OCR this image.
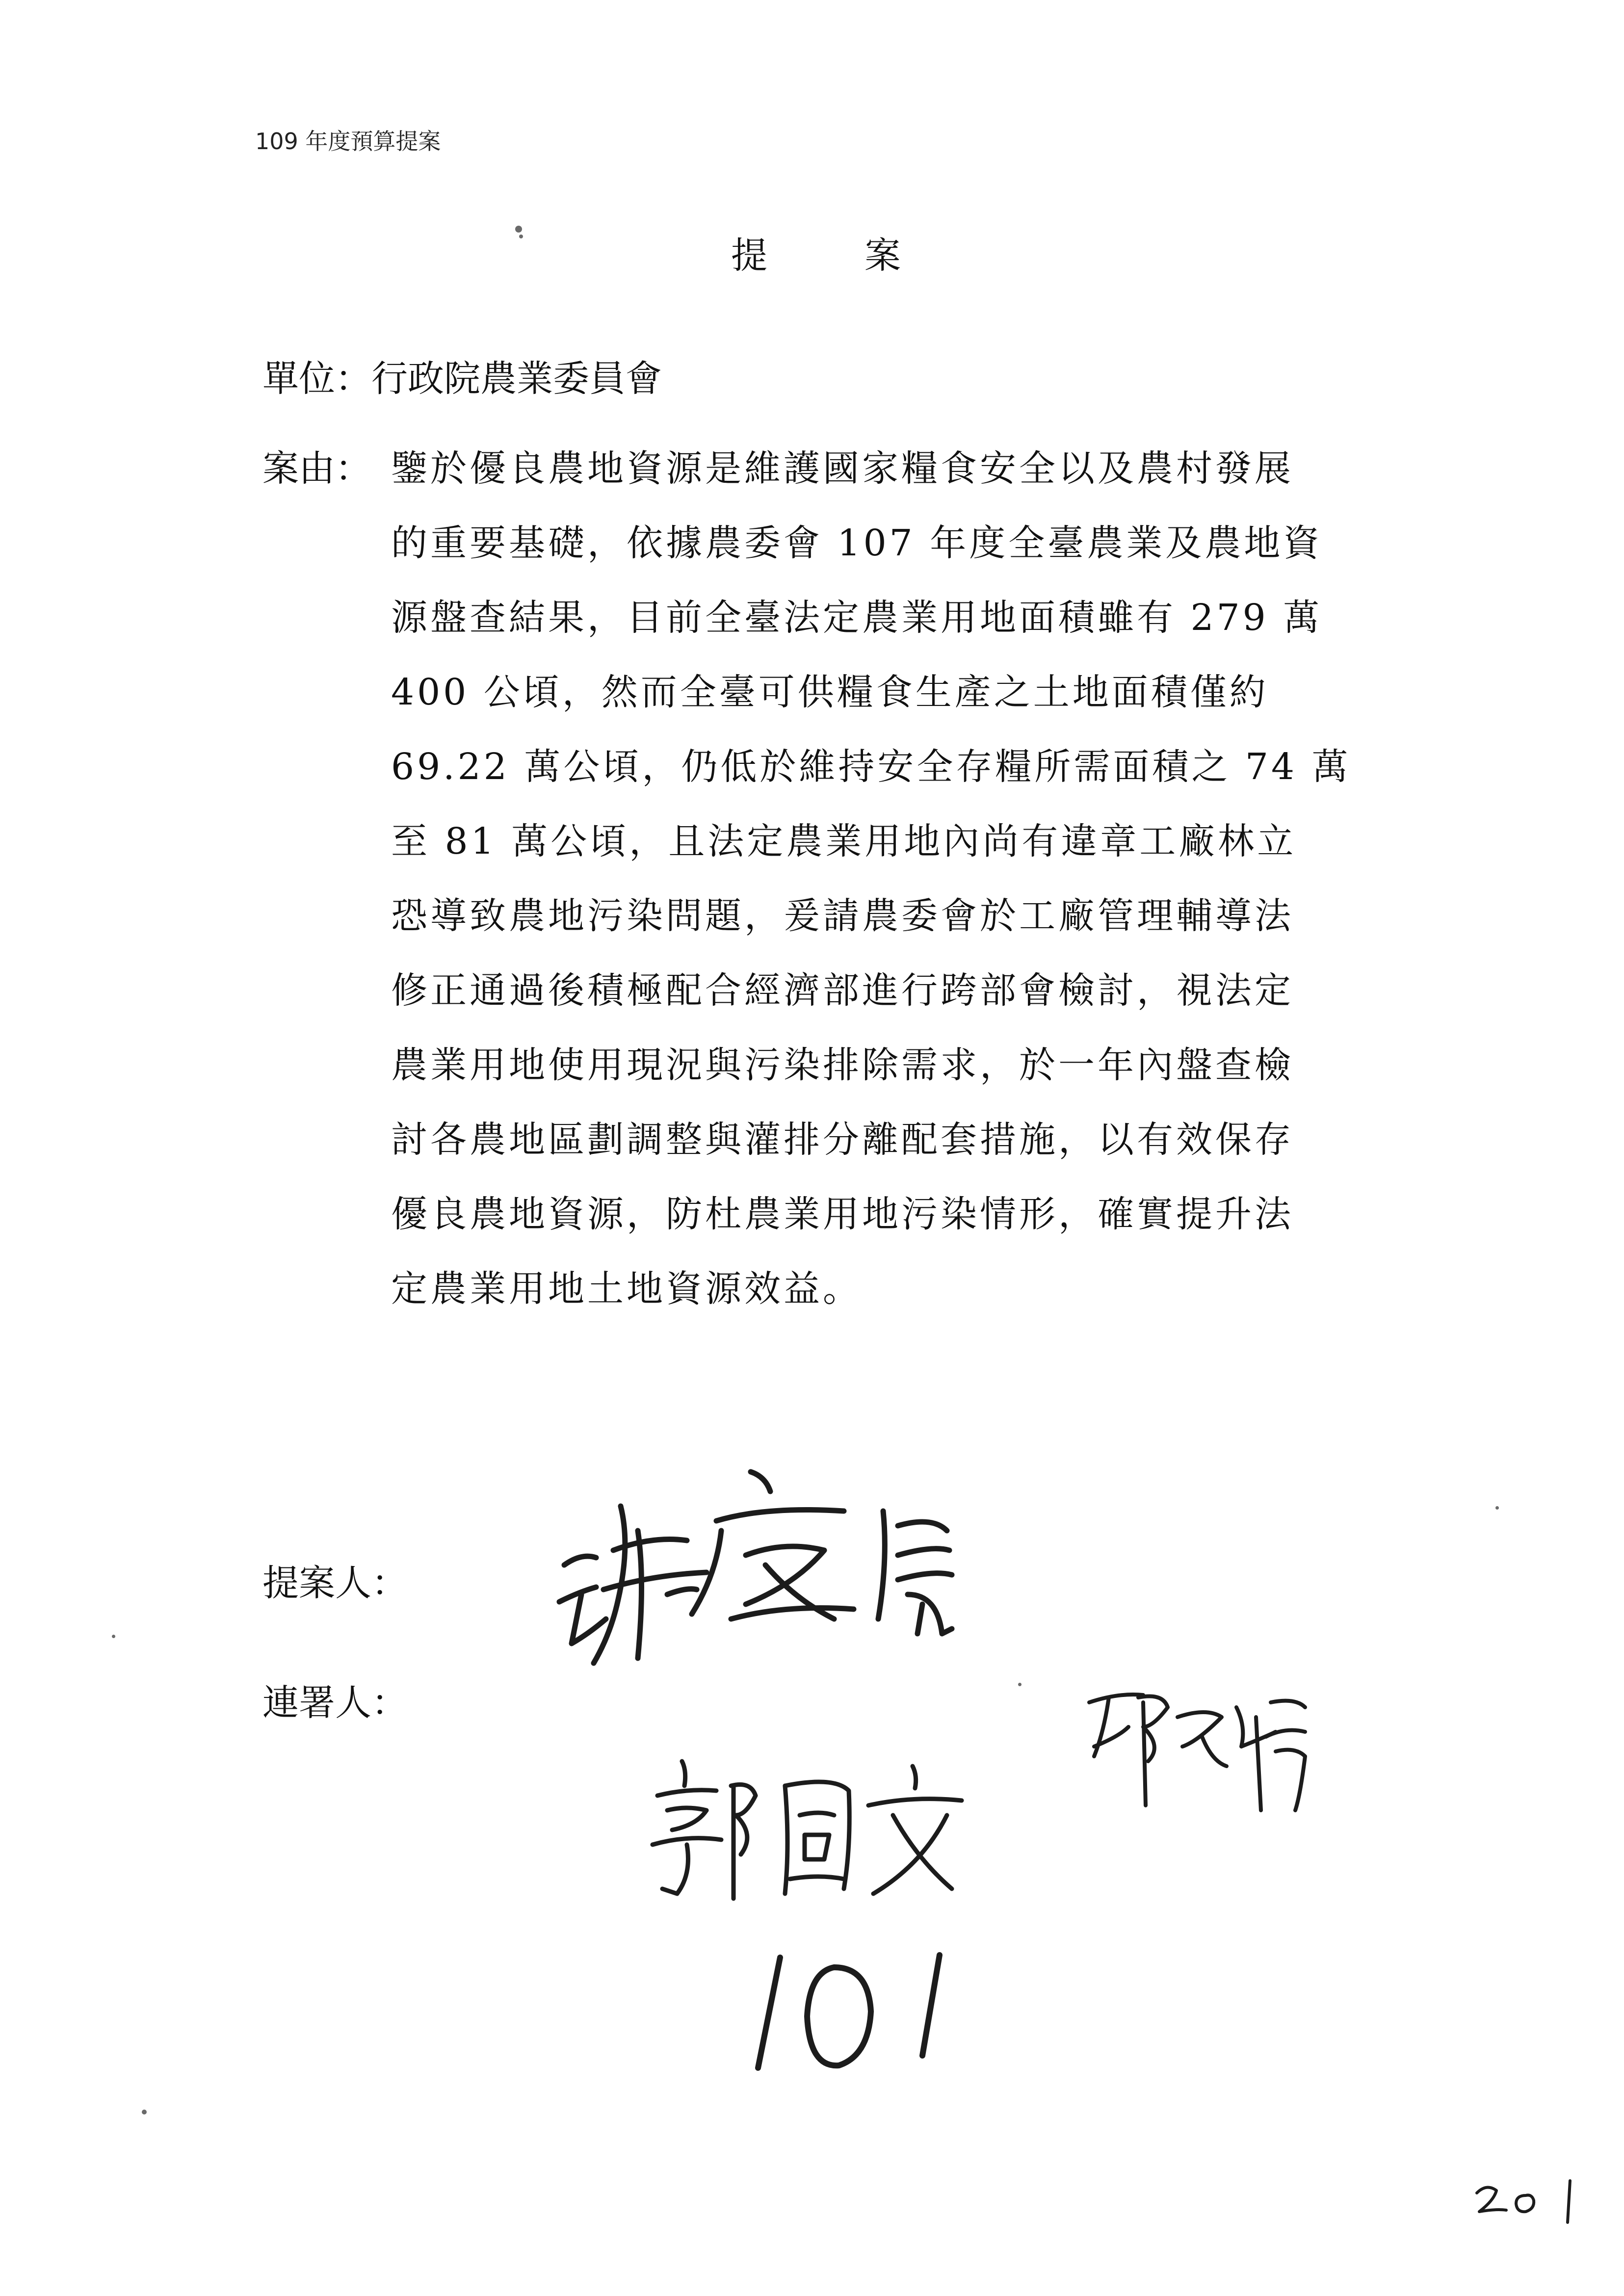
109 年度預算提案
提案
單位：行政院農業委員會
案由： 鑒於優良農地資源是維護國家糧食安全以及農村發展
的重要基礎，依據農委會 107 年度全臺農業及農地資
源盤查結果，目前全臺法定農業用地面積雖有 279 萬
400 公頃，然而全臺可供糧食生產之土地面積僅約
69.22 萬公頃，仍低於維持安全存糧所需面積之 74 萬
至 81 萬公頃，且法定農業用地內尚有違章工廠林立
恐導致農地污染問題，爰請農委會於工廠管理輔導法
修正通過後積極配合經濟部進行跨部會檢討，視法定
農業用地使用現況與污染排除需求，於一年內盤查檢
討各農地區劃調整與灌排分離配套措施，以有效保存
優良農地資源，防杜農業用地污染情形，確實提升法
定農業用地土地資源效益。
提案人：
連署人：
